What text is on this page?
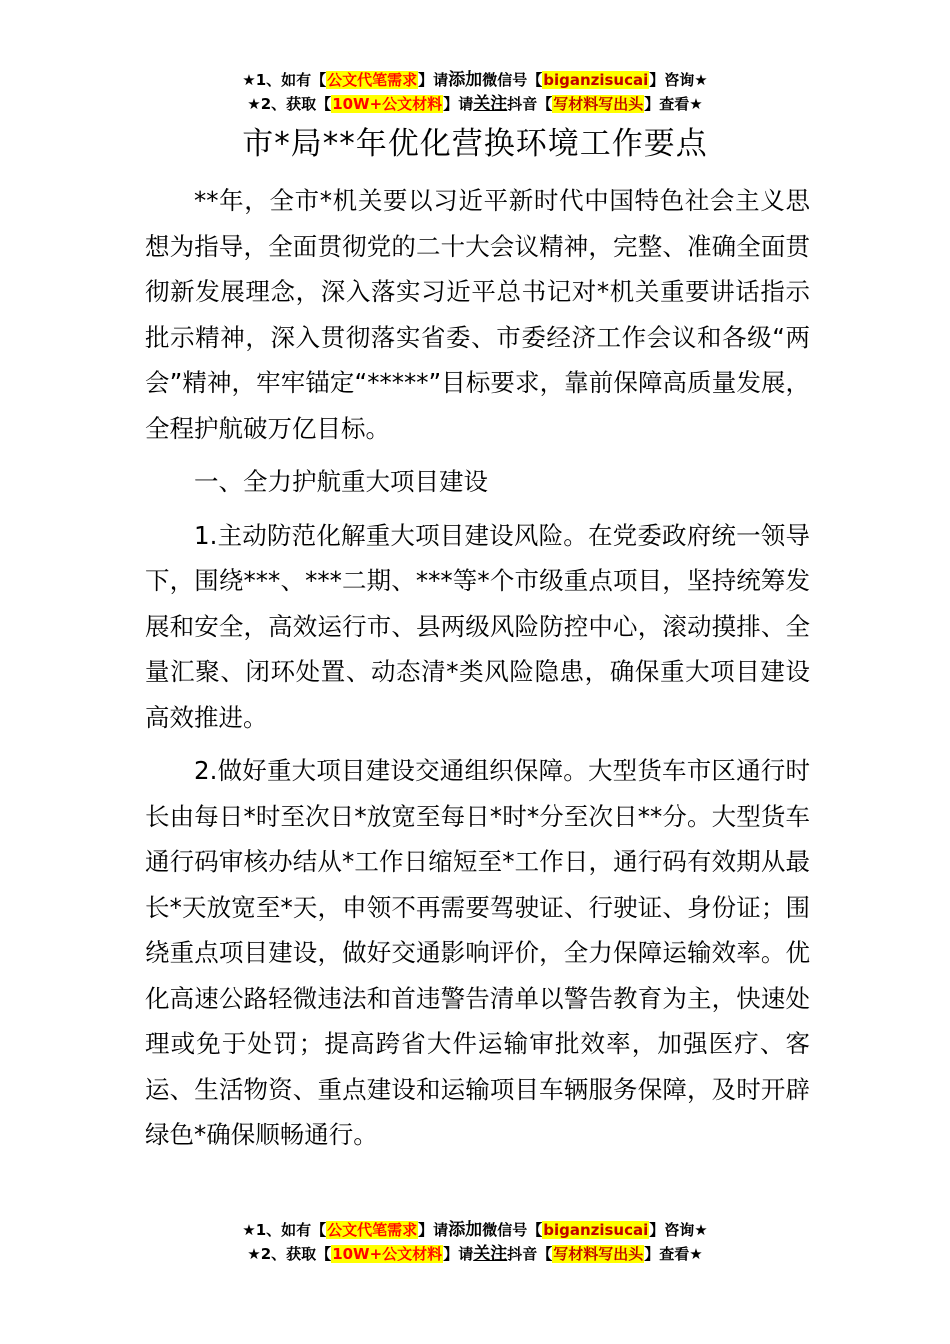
★1、如有【公文代笔需求】请添加微信号【biganzisucai】咨询★
★2、获取【10W+公文材料】请关注抖音【写材料写出头】查看★
市*局**年优化营换环境工作要点

**年，全市*机关要以习近平新时代中国特色社会主义思想为指导，全面贯彻党的二十大会议精神，完整、准确全面贯彻新发展理念，深入落实习近平总书记对*机关重要讲话指示批示精神，深入贯彻落实省委、市委经济工作会议和各级“两会”精神，牢牢锚定“*****”目标要求，靠前保障高质量发展，全程护航破万亿目标。

一、全力护航重大项目建设

1.主动防范化解重大项目建设风险。在党委政府统一领导下，围绕***、***二期、***等*个市级重点项目，坚持统筹发展和安全，高效运行市、县两级风险防控中心，滚动摸排、全量汇聚、闭环处置、动态清*类风险隐患，确保重大项目建设高效推进。

2.做好重大项目建设交通组织保障。大型货车市区通行时长由每日*时至次日*放宽至每日*时*分至次日**分。大型货车通行码审核办结从*工作日缩短至*工作日，通行码有效期从最长*天放宽至*天，申领不再需要驾驶证、行驶证、身份证；围绕重点项目建设，做好交通影响评价，全力保障运输效率。优化高速公路轻微违法和首违警告清单以警告教育为主，快速处理或免于处罚；提高跨省大件运输审批效率，加强医疗、客运、生活物资、重点建设和运输项目车辆服务保障，及时开辟绿色*确保顺畅通行。

★1、如有【公文代笔需求】请添加微信号【biganzisucai】咨询★
★2、获取【10W+公文材料】请关注抖音【写材料写出头】查看★
